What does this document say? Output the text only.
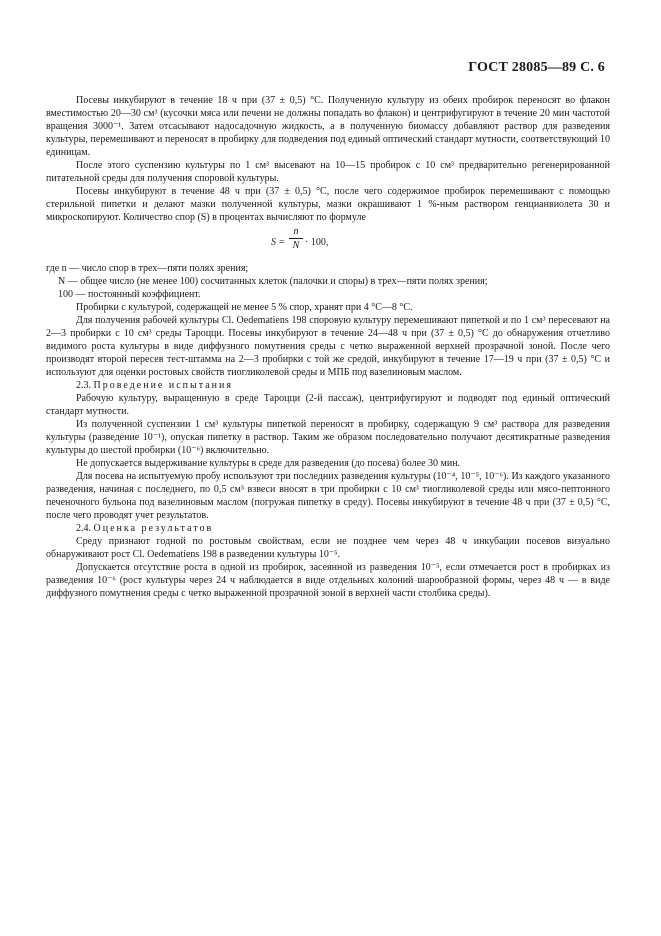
ГОСТ 28085—89 С. 6

Посевы инкубируют в течение 18 ч при (37 ± 0,5) °С. Полученную культуру из обеих пробирок переносят во флакон вместимостью 20—30 см³ (кусочки мяса или печени не должны попадать во флакон) и центрифугируют в течение 20 мин частотой вращения 3000⁻¹. Затем отсасывают надосадочную жидкость, а в полученную биомассу добавляют раствор для разведения культуры, перемешивают и переносят в пробирку для подведения под единый оптический стандарт мутности, соответствующий 10 единицам.

После этого суспензию культуры по 1 см³ высевают на 10—15 пробирок с 10 см³ предварительно регенерированной питательной среды для получения споровой культуры.

Посевы инкубируют в течение 48 ч при (37 ± 0,5) °С, после чего содержимое пробирок перемешивают с помощью стерильной пипетки и делают мазки полученной культуры, мазки окрашивают 1 %-ным раствором генцианвиолета 30 и микроскопируют. Количество спор (S) в процентах вычисляют по формуле

$S = \frac{n}{N} \cdot 100$,

где n — число спор в трех—пяти полях зрения;

N — общее число (не менее 100) сосчитанных клеток (палочки и споры) в трех—пяти полях зрения;

100 — постоянный коэффициент.

Пробирки с культурой, содержащей не менее 5 % спор, хранят при 4 °С—8 °С.

Для получения рабочей культуры Cl. Oedematiens 198 споровую культуру перемешивают пипеткой и по 1 см³ пересевают на 2—3 пробирки с 10 см³ среды Тароцци. Посевы инкубируют в течение 24—48 ч при (37 ± 0,5) °С до обнаружения отчетливо видимого роста культуры в виде диффузного помутнения среды с четко выраженной верхней прозрачной зоной. После чего производят второй пересев тест-штамма на 2—3 пробирки с той же средой, инкубируют в течение 17—19 ч при (37 ± 0,5) °С и используют для оценки ростовых свойств тиогликолевой среды и МПБ под вазелиновым маслом.

2.3. Проведение испытания

Рабочую культуру, выращенную в среде Тароцци (2-й пассаж), центрифугируют и подводят под единый оптический стандарт мутности.

Из полученной суспензии 1 см³ культуры пипеткой переносят в пробирку, содержащую 9 см³ раствора для разведения культуры (разведение 10⁻¹), опуская пипетку в раствор. Таким же образом последовательно получают десятикратные разведения культуры до шестой пробирки (10⁻⁶) включительно.

Не допускается выдерживание культуры в среде для разведения (до посева) более 30 мин.

Для посева на испытуемую пробу используют три последних разведения культуры (10⁻⁴, 10⁻⁵, 10⁻⁶). Из каждого указанного разведения, начиная с последнего, по 0,5 см³ взвеси вносят в три пробирки с 10 см³ тиогликолевой среды или мясо-пептонного печеночного бульона под вазелиновым маслом (погружая пипетку в среду). Посевы инкубируют в течение 48 ч при (37 ± 0,5) °С, после чего проводят учет результатов.

2.4. Оценка результатов

Среду признают годной по ростовым свойствам, если не позднее чем через 48 ч инкубации посевов визуально обнаруживают рост Cl. Oedematiens 198 в разведении культуры 10⁻⁵.

Допускается отсутствие роста в одной из пробирок, засеянной из разведения 10⁻⁵, если отмечается рост в пробирках из разведения 10⁻⁶ (рост культуры через 24 ч наблюдается в виде отдельных колоний шарообразной формы, через 48 ч — в виде диффузного помутнения среды с четко выраженной прозрачной зоной в верхней части столбика среды).
